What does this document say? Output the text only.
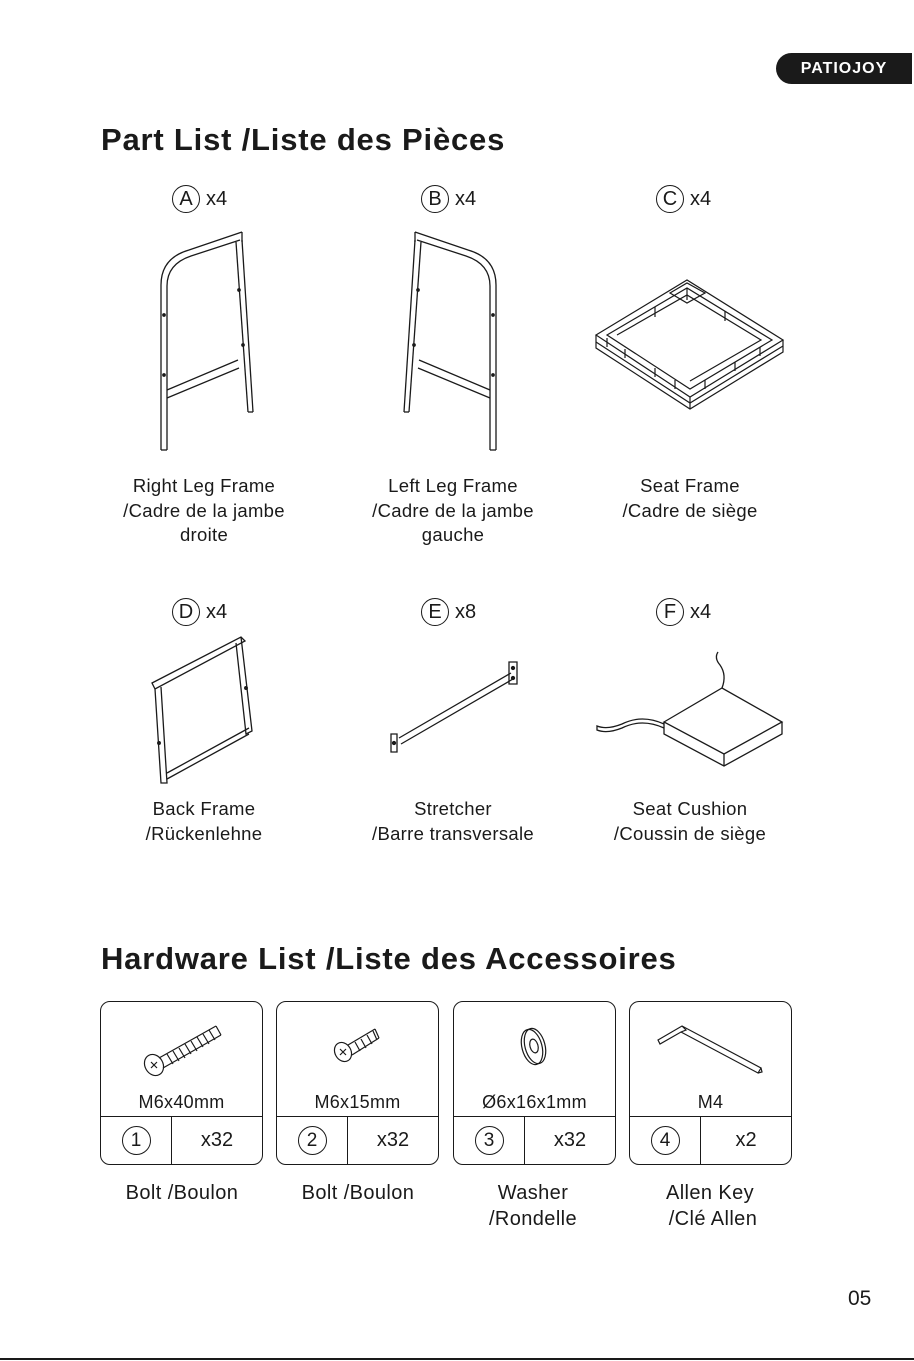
PATIOJOY
Part List /Liste des Pièces
A x4
Right Leg Frame
/Cadre de la jambe
droite
B x4
Left Leg Frame
/Cadre de la jambe
gauche
C x4
Seat Frame
/Cadre de siège
D x4
Back Frame
/Rückenlehne
E x8
Stretcher
/Barre transversale
F x4
Seat Cushion
/Coussin de siège
Hardware List /Liste des Accessoires
M6x40mm
1	x32
M6x15mm
2	x32
Ø6x16x1mm
3	x32
M4
4	x2
Bolt /Boulon	Bolt /Boulon	Washer
/Rondelle
Allen Key
/Clé Allen
05
